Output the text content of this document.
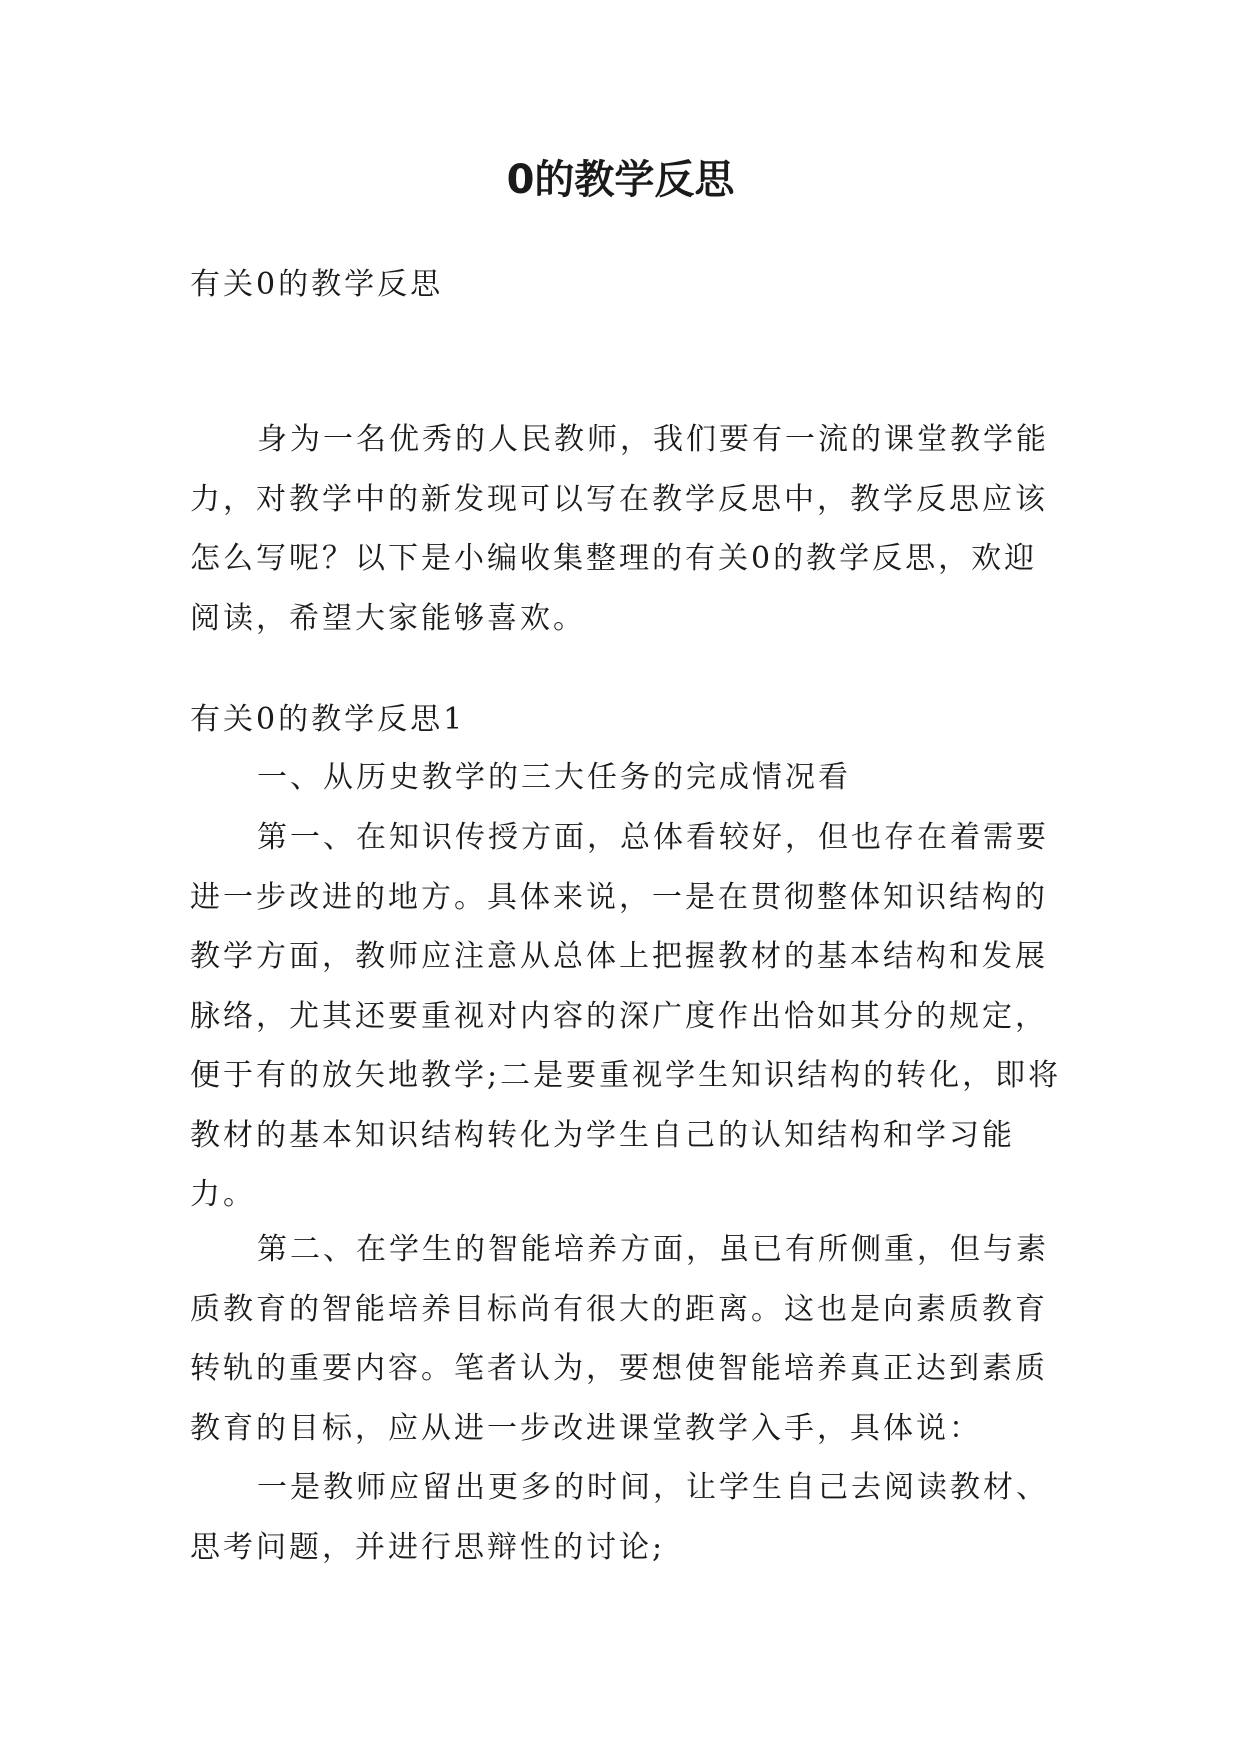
0的教学反思

有关0的教学反思

身为一名优秀的人民教师，我们要有一流的课堂教学能力，对教学中的新发现可以写在教学反思中，教学反思应该怎么写呢？以下是小编收集整理的有关0的教学反思，欢迎阅读，希望大家能够喜欢。

有关0的教学反思1

一、从历史教学的三大任务的完成情况看

第一、在知识传授方面，总体看较好，但也存在着需要进一步改进的地方。具体来说，一是在贯彻整体知识结构的教学方面，教师应注意从总体上把握教材的基本结构和发展脉络，尤其还要重视对内容的深广度作出恰如其分的规定，便于有的放矢地教学;二是要重视学生知识结构的转化，即将教材的基本知识结构转化为学生自己的认知结构和学习能力。

第二、在学生的智能培养方面，虽已有所侧重，但与素质教育的智能培养目标尚有很大的距离。这也是向素质教育转轨的重要内容。笔者认为，要想使智能培养真正达到素质教育的目标，应从进一步改进课堂教学入手，具体说：

一是教师应留出更多的时间，让学生自己去阅读教材、思考问题，并进行思辩性的讨论;
